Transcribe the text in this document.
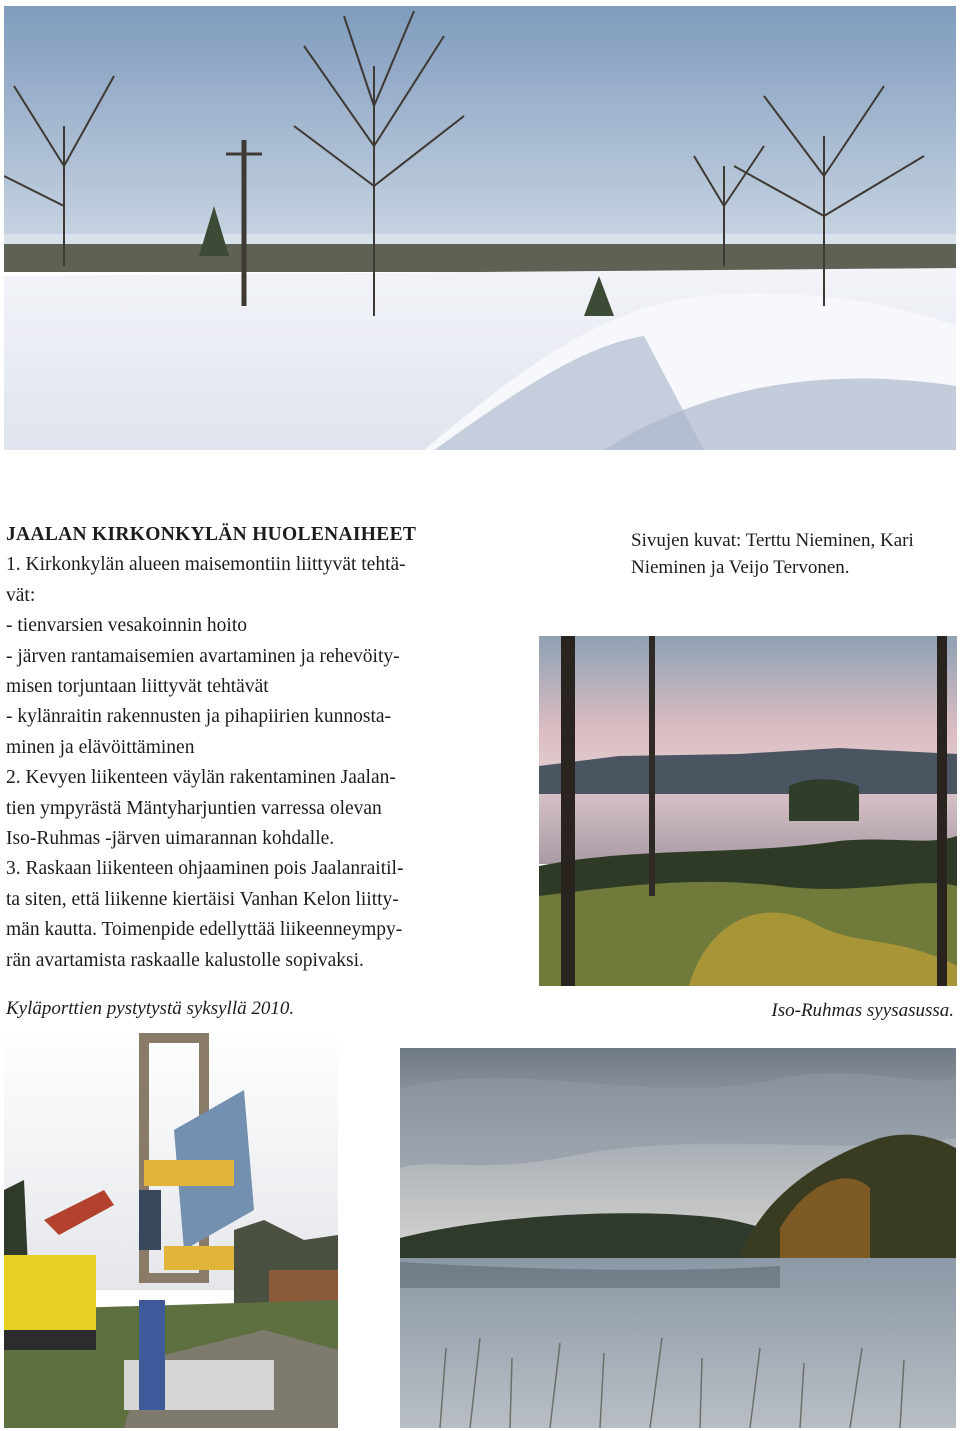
JAALAN KIRKONKYLÄN HUOLENAIHEET

1. Kirkonkylän alueen maisemontiin liittyvät tehtä-

vät:

- tienvarsien vesakoinnin hoito

- järven rantamaisemien avartaminen ja rehevöity-

misen torjuntaan liittyvät tehtävät

- kylänraitin rakennusten ja pihapiirien kunnosta-

minen ja elävöittäminen

2. Kevyen liikenteen väylän rakentaminen Jaalan-

tien ympyrästä Mäntyharjuntien varressa olevan

Iso-Ruhmas -järven uimarannan kohdalle.

3. Raskaan liikenteen ohjaaminen pois Jaalanraitil-

ta siten, että liikenne kiertäisi Vanhan Kelon liitty-

män kautta. Toimenpide edellyttää liikeenneympy-

rän avartamista raskaalle kalustolle sopivaksi.

Sivujen kuvat: Terttu Nieminen, Kari

Nieminen ja Veijo Tervonen.

Kyläporttien pystytystä syksyllä 2010.	Iso-Ruhmas syysasussa.
